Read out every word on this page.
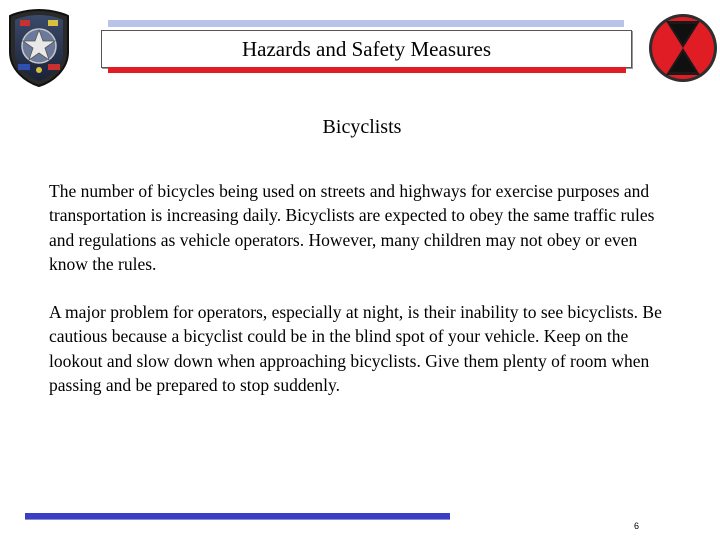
Hazards and Safety Measures
Bicyclists
The number of bicycles being used on streets and highways for exercise purposes and transportation is increasing daily. Bicyclists are expected to obey the same traffic rules and regulations as vehicle operators. However, many children may not obey or even know the rules.
A major problem for operators, especially at night, is their inability to see bicyclists. Be cautious because a bicyclist could be in the blind spot of your vehicle. Keep on the lookout and slow down when approaching bicyclists. Give them plenty of room when passing and be prepared to stop suddenly.
6
